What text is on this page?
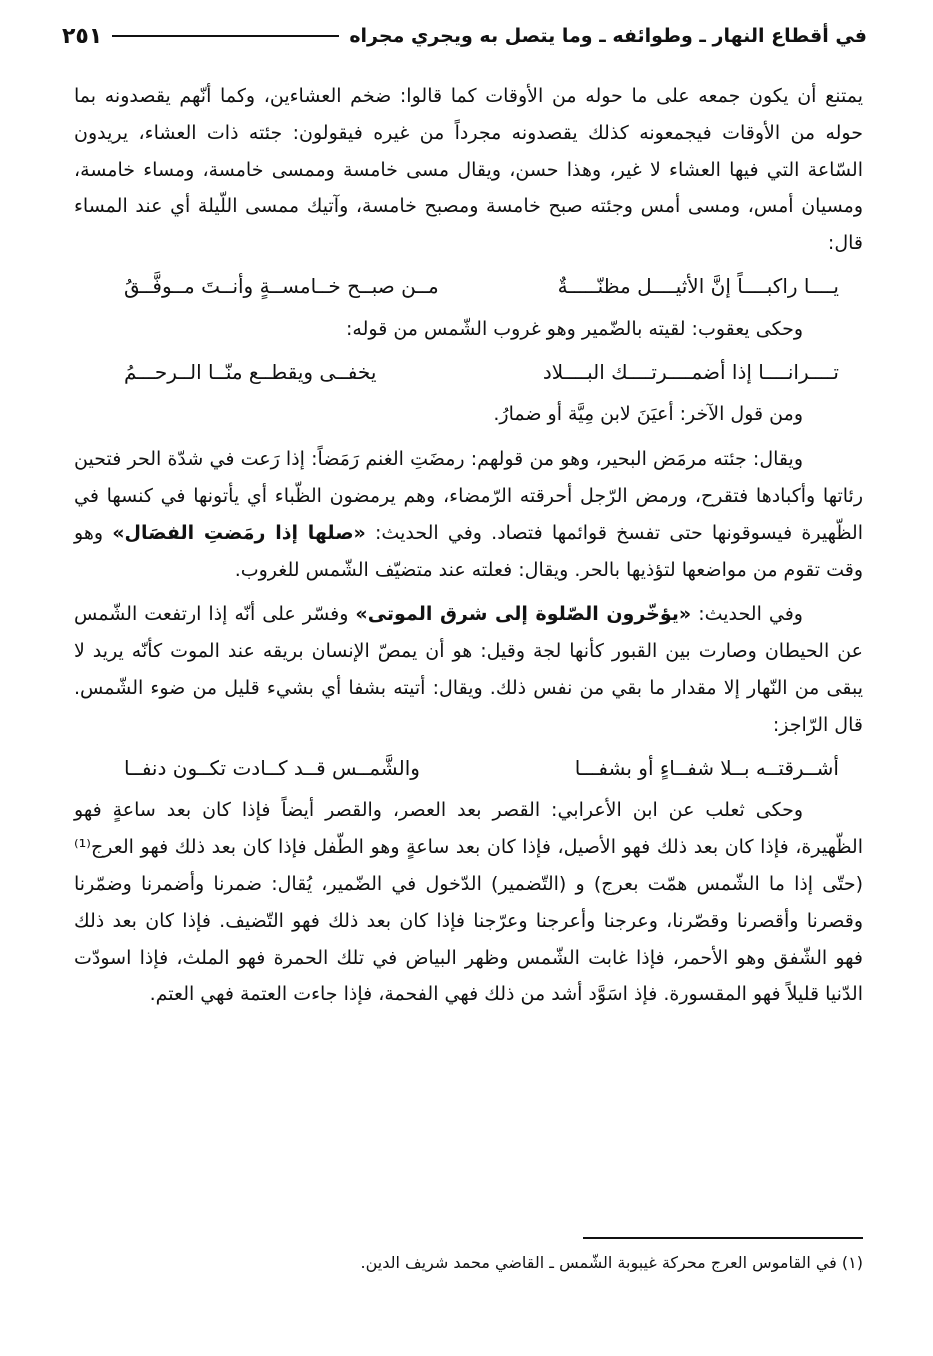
في أقطاع النهار ـ وطوائفه ـ وما يتصل به ويجري مجراه
٢٥١

يمتنع أن يكون جمعه على ما حوله من الأوقات كما قالوا: ضخم العشاءين، وكما أنّهم يقصدونه بما حوله من الأوقات فيجمعونه كذلك يقصدونه مجرداً من غيره فيقولون: جئته ذات العشاء، يريدون السّاعة التي فيها العشاء لا غير، وهذا حسن، ويقال مسى خامسة وممسى خامسة، ومساء خامسة، ومسيان أمس، ومسى أمس وجئته صبح خامسة ومصبح خامسة، وآتيك ممسى اللّيلة أي عند المساء قال:

يــــا راكبــــاً إنَّ الأثيــــل مظنّـــــةٌ
مــن صبــح خــامســةٍ وأنــتَ مــوفَّــقُ

وحكى يعقوب: لقيته بالضّمير وهو غروب الشّمس من قوله:

تــــرانــــا إذا أضمــــرتــــك البــــلاد
يخفــى ويقطــع منّــا الــرحـــمُ

ومن قول الآخر: أعيَنَ لابن مِيَّة أو ضمارُ.

ويقال: جئته مرمَض البحير، وهو من قولهم: رمضَتِ الغنم رَمَضاً: إذا رَعت في شدّة الحر فتحين رئاتها وأكبادها فتقرح، ورمض الرّجل أحرقته الرّمضاء، وهم يرمضون الظّباء أي يأتونها في كنسها في الظّهيرة فيسوقونها حتى تفسخ قوائمها فتصاد. وفي الحديث: «صلها إذا رمَضتِ الفصَال» وهو وقت تقوم من مواضعها لتؤذيها بالحر. ويقال: فعلته عند متضيّف الشّمس للغروب.

وفي الحديث: «يؤخّرون الصّلوة إلى شرق الموتى» وفسّر على أنّه إذا ارتفعت الشّمس عن الحيطان وصارت بين القبور كأنها لجة وقيل: هو أن يمصّ الإنسان بريقه عند الموت كأنّه يريد لا يبقى من النّهار إلا مقدار ما بقي من نفس ذلك. ويقال: أتيته بشفا أي بشيء قليل من ضوء الشّمس. قال الرّاجز:

أشــرقتــه بــلا شفــاءٍ أو بشفـــا
والشَّمــس قــد كــادت تكــون دنفــا

وحكى ثعلب عن ابن الأعرابي: القصر بعد العصر، والقصر أيضاً فإذا كان بعد ساعةٍ فهو الظّهيرة، فإذا كان بعد ذلك فهو الأصيل، فإذا كان بعد ساعةٍ وهو الطّفل فإذا كان بعد ذلك فهو العرج⁽¹⁾ (حتّى إذا ما الشّمس همّت بعرج) و (التّضمير) الدّخول في الضّمير، يُقال: ضمرنا وأضمرنا وضمّرنا وقصرنا وأقصرنا وقصّرنا، وعرجنا وأعرجنا وعرّجنا فإذا كان بعد ذلك فهو التّضيف. فإذا كان بعد ذلك فهو الشّفق وهو الأحمر، فإذا غابت الشّمس وظهر البياض في تلك الحمرة فهو الملث، فإذا اسودّت الدّنيا قليلاً فهو المقسورة. فإذ اسَوَّد أشد من ذلك فهي الفحمة، فإذا جاءت العتمة فهي العتم.

(١) في القاموس العرج محركة غيبوبة الشّمس ـ القاضي محمد شريف الدين.
